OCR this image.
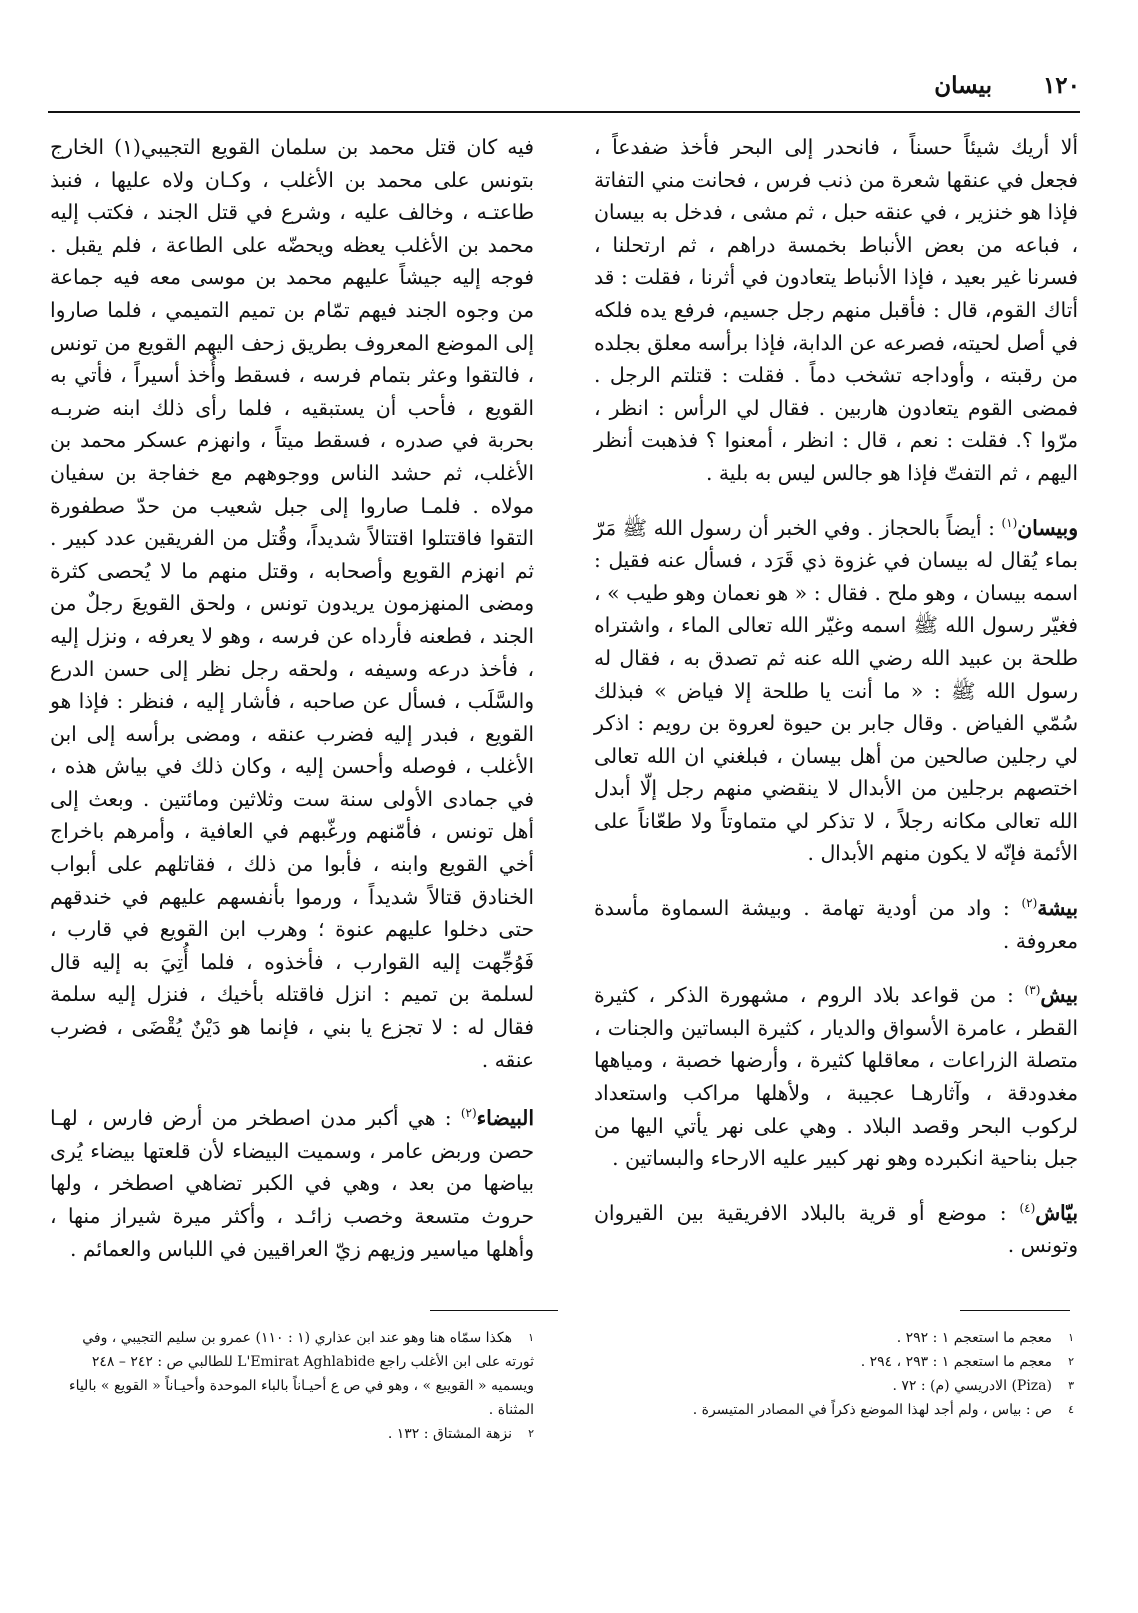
١٢٠
بيسان

ألا أريك شيئاً حسناً ، فانحدر إلى البحر فأخذ ضفدعاً ، فجعل في عنقها شعرة من ذنب فرس ، فحانت مني التفاتة فإذا هو خنزير ، في عنقه حبل ، ثم مشى ، فدخل به بيسان ، فباعه من بعض الأنباط بخمسة دراهم ، ثم ارتحلنا ، فسرنا غير بعيد ، فإذا الأنباط يتعادون في أثرنا ، فقلت : قد أتاك القوم، قال : فأقبل منهم رجل جسيم، فرفع يده فلكه في أصل لحيته، فصرعه عن الدابة، فإذا برأسه معلق بجلده من رقبته ، وأوداجه تشخب دماً . فقلت : قتلتم الرجل . فمضى القوم يتعادون هاربين . فقال لي الرأس : انظر ، مرّوا ؟. فقلت : نعم ، قال : انظر ، أمعنوا ؟ فذهبت أنظر اليهم ، ثم التفتّ فإذا هو جالس ليس به بلية .

وبيسان$^{(١)}$ : أيضاً بالحجاز . وفي الخبر أن رسول الله ﷺ مَرّ بماء يُقال له بيسان في غزوة ذي قَرَد ، فسأل عنه فقيل : اسمه بيسان ، وهو ملح . فقال : « هو نعمان وهو طيب » ، فغيّر رسول الله ﷺ اسمه وغيّر الله تعالى الماء ، واشتراه طلحة بن عبيد الله رضي الله عنه ثم تصدق به ، فقال له رسول الله ﷺ : « ما أنت يا طلحة إلا فياض » فبذلك سُمّي الفياض . وقال جابر بن حيوة لعروة بن رويم : اذكر لي رجلين صالحين من أهل بيسان ، فبلغني ان الله تعالى اختصهم برجلين من الأبدال لا ينقضي منهم رجل إلّا أبدل الله تعالى مكانه رجلاً ، لا تذكر لي متماوتاً ولا طعّاناً على الأئمة فإنّه لا يكون منهم الأبدال .

بيشة$^{(٢)}$ : واد من أودية تهامة . وبيشة السماوة مأسدة معروفة .

بيش$^{(٣)}$ : من قواعد بلاد الروم ، مشهورة الذكر ، كثيرة القطر ، عامرة الأسواق والديار ، كثيرة البساتين والجنات ، متصلة الزراعات ، معاقلها كثيرة ، وأرضها خصبة ، ومياهها مغدودقة ، وآثارهـا عجيبة ، ولأهلها مراكب واستعداد لركوب البحر وقصد البلاد . وهي على نهر يأتي اليها من جبل بناحية انكبرده وهو نهر كبير عليه الارحاء والبساتين .

بيّاش$^{(٤)}$ : موضع أو قرية بالبلاد الافريقية بين القيروان وتونس .

فيه كان قتل محمد بن سلمان القويع التجيبي(١) الخارج بتونس على محمد بن الأغلب ، وكـان ولاه عليها ، فنبذ طاعتـه ، وخالف عليه ، وشرع في قتل الجند ، فكتب إليه محمد بن الأغلب يعظه ويحضّه على الطاعة ، فلم يقبل . فوجه إليه جيشاً عليهم محمد بن موسى معه فيه جماعة من وجوه الجند فيهم تمّام بن تميم التميمي ، فلما صاروا إلى الموضع المعروف بطريق زحف اليهم القويع من تونس ، فالتقوا وعثر بتمام فرسه ، فسقط وأُخذ أسيراً ، فأتي به القويع ، فأحب أن يستبقيه ، فلما رأى ذلك ابنه ضربـه بحربة في صدره ، فسقط ميتاً ، وانهزم عسكر محمد بن الأغلب، ثم حشد الناس ووجوههم مع خفاجة بن سفيان مولاه . فلمـا صاروا إلى جبل شعيب من حدّ صطفورة التقوا فاقتتلوا اقتتالاً شديداً، وقُتل من الفريقين عدد كبير . ثم انهزم القويع وأصحابه ، وقتل منهم ما لا يُحصى كثرة ومضى المنهزمون يريدون تونس ، ولحق القويعَ رجلٌ من الجند ، فطعنه فأرداه عن فرسه ، وهو لا يعرفه ، ونزل إليه ، فأخذ درعه وسيفه ، ولحقه رجل نظر إلى حسن الدرع والسَّلَب ، فسأل عن صاحبه ، فأشار إليه ، فنظر : فإذا هو القويع ، فبدر إليه فضرب عنقه ، ومضى برأسه إلى ابن الأغلب ، فوصله وأحسن إليه ، وكان ذلك في بياش هذه ، في جمادى الأولى سنة ست وثلاثين ومائتين . وبعث إلى أهل تونس ، فأمّنهم ورغّبهم في العافية ، وأمرهم باخراج أخي القويع وابنه ، فأبوا من ذلك ، فقاتلهم على أبواب الخنادق قتالاً شديداً ، ورموا بأنفسهم عليهم في خندقهم حتى دخلوا عليهم عنوة ؛ وهرب ابن القويع في قارب ، فَوُجِّهت إليه القوارب ، فأخذوه ، فلما أُتِيَ به إليه قال لسلمة بن تميم : انزل فاقتله بأخيك ، فنزل إليه سلمة فقال له : لا تجزع يا بني ، فإنما هو دَيْنٌ يُقْضَى ، فضرب عنقه .

البيضاء$^{(٢)}$ : هي أكبر مدن اصطخر من أرض فارس ، لهـا حصن وربض عامر ، وسميت البيضاء لأن قلعتها بيضاء يُرى بياضها من بعد ، وهي في الكبر تضاهي اصطخر ، ولها حروث متسعة وخصب زائـد ، وأكثر ميرة شيراز منها ، وأهلها مياسير وزيهم زيّ العراقيين في اللباس والعمائم .

١معجم ما استعجم ١ : ٢٩٢ .

٢معجم ما استعجم ١ : ٢٩٣ ، ٢٩٤ .

٣(Piza) الادريسي (م) : ٧٢ .

٤ص : بياس ، ولم أجد لهذا الموضع ذكراً في المصادر المتيسرة .

١هكذا سمّاه هنا وهو عند ابن عذاري (١ : ١١٠) عمرو بن سليم التجيبي ، وفي ثورته على ابن الأغلب راجع L'Emirat Aghlabide للطالبي ص : ٢٤٢ – ٢٤٨ ويسميه « القويبع » ، وهو في ص ع أحيـاناً بالباء الموحدة وأحيـاناً « القويع » بالياء المثناة .

٢نزهة المشتاق : ١٣٢ .
